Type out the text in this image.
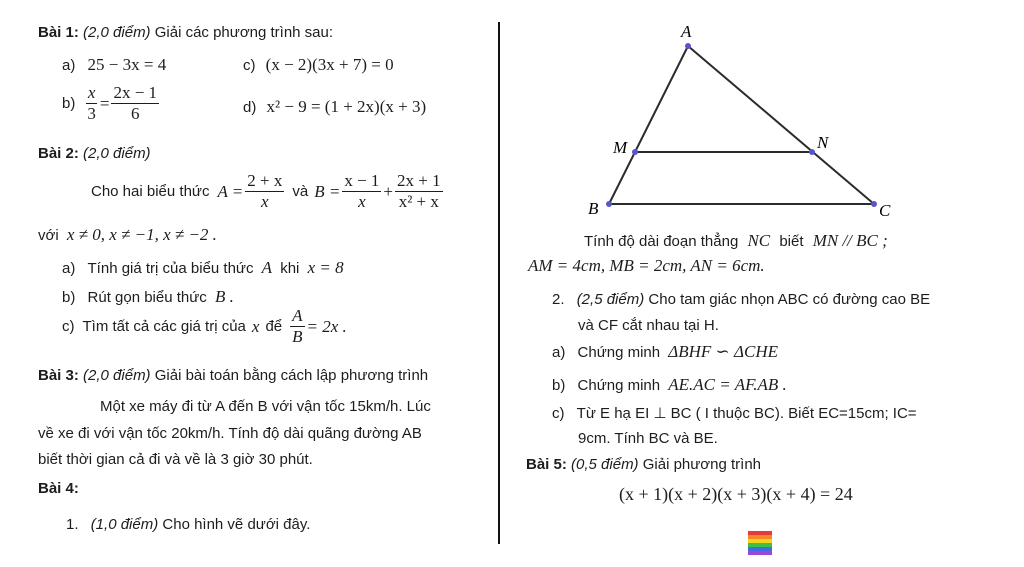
Bài 1: (2,0 điểm) Giải các phương trình sau:
a) 25 − 3x = 4	c) (x − 2)(3x + 7) = 0
$b) \frac{x}{3} = \frac{2x - 1}{6}$	d) x² − 9 = (1 + 2x)(x + 3)
Bài 2: (2,0 điểm)
Cho hai biểu thức $A = \frac{2 + x}{x}$ và $B = \frac{x - 1}{x} + \frac{2x + 1}{\text{x² + x}}$
với x ≠ 0, x ≠ −1, x ≠ −2 .
a) Tính giá trị của biểu thức A khi x = 8
b) Rút gọn biểu thức B .
c) Tìm tất cả các giá trị của x để $\frac{A}{B} = 2x$ .
Bài 3: (2,0 điểm) Giải bài toán bằng cách lập phương trình
Một xe máy đi từ A đến B với vận tốc 15km/h. Lúc
về xe đi với vận tốc 20km/h. Tính độ dài quãng đường AB
biết thời gian cả đi và về là 3 giờ 30 phút.
Bài 4:
1. (1,0 điểm) Cho hình vẽ dưới đây.
A
M	N
B	C
Tính độ dài đoạn thẳng NC biết MN // BC ;
AM = 4cm, MB = 2cm, AN = 6cm.
2. (2,5 điểm) Cho tam giác nhọn ABC có đường cao BE
và CF cắt nhau tại H.
a) Chứng minh ΔBHF ∽ ΔCHE
b) Chứng minh AE.AC = AF.AB .
c) Từ E hạ EI ⊥ BC ( I thuộc BC). Biết EC=15cm; IC=
9cm. Tính BC và BE.
Bài 5: (0,5 điểm) Giải phương trình
(x + 1)(x + 2)(x + 3)(x + 4) = 24
